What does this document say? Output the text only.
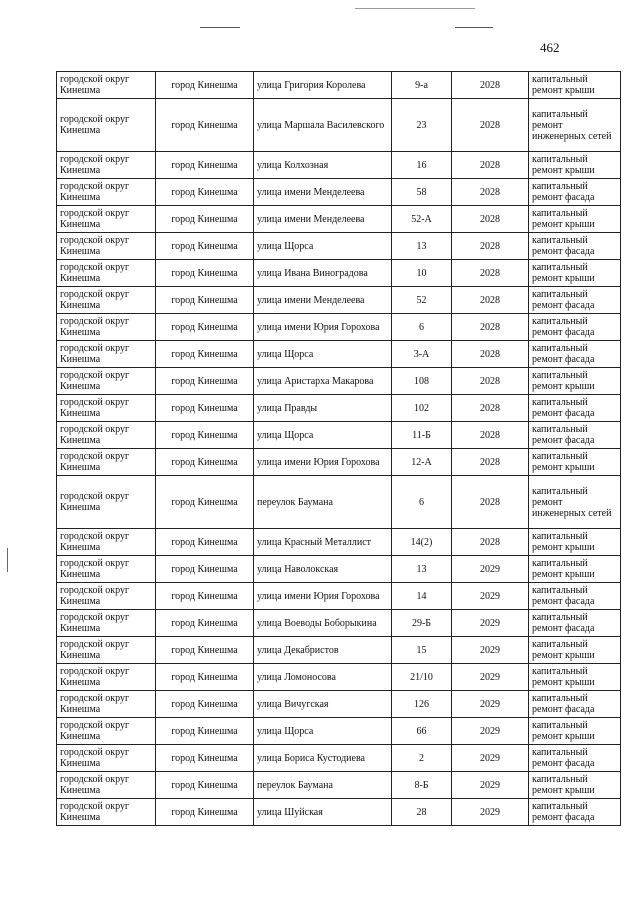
462
городской округ Кинешма	город Кинешма	улица Григория Королева	9-а	2028	капитальный ремонт крыши
городской округ Кинешма	город Кинешма	улица Маршала Василевского	23	2028	капитальный ремонт инженерных сетей
городской округ Кинешма	город Кинешма	улица Колхозная	16	2028	капитальный ремонт крыши
городской округ Кинешма	город Кинешма	улица имени Менделеева	58	2028	капитальный ремонт фасада
городской округ Кинешма	город Кинешма	улица имени Менделеева	52-А	2028	капитальный ремонт крыши
городской округ Кинешма	город Кинешма	улица Щорса	13	2028	капитальный ремонт фасада
городской округ Кинешма	город Кинешма	улица Ивана Виноградова	10	2028	капитальный ремонт крыши
городской округ Кинешма	город Кинешма	улица имени Менделеева	52	2028	капитальный ремонт фасада
городской округ Кинешма	город Кинешма	улица имени Юрия Горохова	6	2028	капитальный ремонт фасада
городской округ Кинешма	город Кинешма	улица Щорса	3-А	2028	капитальный ремонт фасада
городской округ Кинешма	город Кинешма	улица Аристарха Макарова	108	2028	капитальный ремонт крыши
городской округ Кинешма	город Кинешма	улица Правды	102	2028	капитальный ремонт фасада
городской округ Кинешма	город Кинешма	улица Щорса	11-Б	2028	капитальный ремонт фасада
городской округ Кинешма	город Кинешма	улица имени Юрия Горохова	12-А	2028	капитальный ремонт крыши
городской округ Кинешма	город Кинешма	переулок Баумана	6	2028	капитальный ремонт инженерных сетей
городской округ Кинешма	город Кинешма	улица Красный Металлист	14(2)	2028	капитальный ремонт крыши
городской округ Кинешма	город Кинешма	улица Наволокская	13	2029	капитальный ремонт крыши
городской округ Кинешма	город Кинешма	улица имени Юрия Горохова	14	2029	капитальный ремонт фасада
городской округ Кинешма	город Кинешма	улица Воеводы Боборыкина	29-Б	2029	капитальный ремонт фасада
городской округ Кинешма	город Кинешма	улица Декабристов	15	2029	капитальный ремонт крыши
городской округ Кинешма	город Кинешма	улица Ломоносова	21/10	2029	капитальный ремонт крыши
городской округ Кинешма	город Кинешма	улица Вичугская	126	2029	капитальный ремонт фасада
городской округ Кинешма	город Кинешма	улица Щорса	66	2029	капитальный ремонт крыши
городской округ Кинешма	город Кинешма	улица Бориса Кустодиева	2	2029	капитальный ремонт фасада
городской округ Кинешма	город Кинешма	переулок Баумана	8-Б	2029	капитальный ремонт крыши
городской округ Кинешма	город Кинешма	улица Шуйская	28	2029	капитальный ремонт фасада
